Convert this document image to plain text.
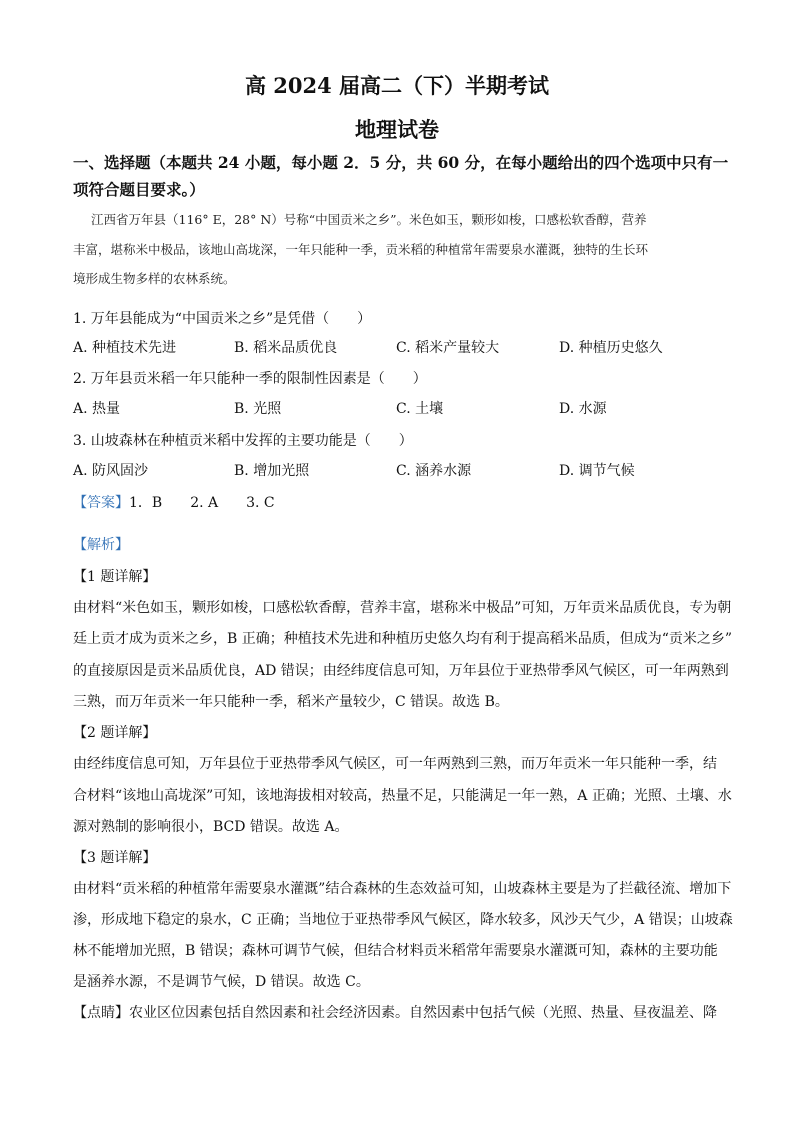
高 2024 届高二（下）半期考试
地理试卷
一、选择题（本题共 24 小题，每小题 2．5 分，共 60 分，在每小题给出的四个选项中只有一
项符合题目要求。）
江西省万年县（116° E，28° N）号称“中国贡米之乡”。米色如玉，颗形如梭，口感松软香醇，营养
丰富，堪称米中极品，该地山高垅深，一年只能种一季，贡米稻的种植常年需要泉水灌溉，独特的生长环
境形成生物多样的农林系统。
1. 万年县能成为“中国贡米之乡”是凭借（　　）
A. 种植技术先进	B. 稻米品质优良	C. 稻米产量较大	D. 种植历史悠久
2. 万年县贡米稻一年只能种一季的限制性因素是（　　）
A. 热量	B. 光照	C. 土壤	D. 水源
3. 山坡森林在种植贡米稻中发挥的主要功能是（　　）
A. 防风固沙	B. 增加光照	C. 涵养水源	D. 调节气候
【答案】1．B　　2. A　　3. C
【解析】
【1 题详解】
由材料“米色如玉，颗形如梭，口感松软香醇，营养丰富，堪称米中极品”可知，万年贡米品质优良，专为朝
廷上贡才成为贡米之乡，B 正确；种植技术先进和种植历史悠久均有利于提高稻米品质，但成为“贡米之乡”
的直接原因是贡米品质优良，AD 错误；由经纬度信息可知，万年县位于亚热带季风气候区，可一年两熟到
三熟，而万年贡米一年只能种一季，稻米产量较少，C 错误。故选 B。
【2 题详解】
由经纬度信息可知，万年县位于亚热带季风气候区，可一年两熟到三熟，而万年贡米一年只能种一季，结
合材料“该地山高垅深”可知，该地海拔相对较高，热量不足，只能满足一年一熟，A 正确；光照、土壤、水
源对熟制的影响很小，BCD 错误。故选 A。
【3 题详解】
由材料“贡米稻的种植常年需要泉水灌溉”结合森林的生态效益可知，山坡森林主要是为了拦截径流、增加下
渗，形成地下稳定的泉水，C 正确；当地位于亚热带季风气候区，降水较多，风沙天气少，A 错误；山坡森
林不能增加光照，B 错误；森林可调节气候，但结合材料贡米稻常年需要泉水灌溉可知，森林的主要功能
是涵养水源，不是调节气候，D 错误。故选 C。
【点睛】农业区位因素包括自然因素和社会经济因素。自然因素中包括气候（光照、热量、昼夜温差、降
